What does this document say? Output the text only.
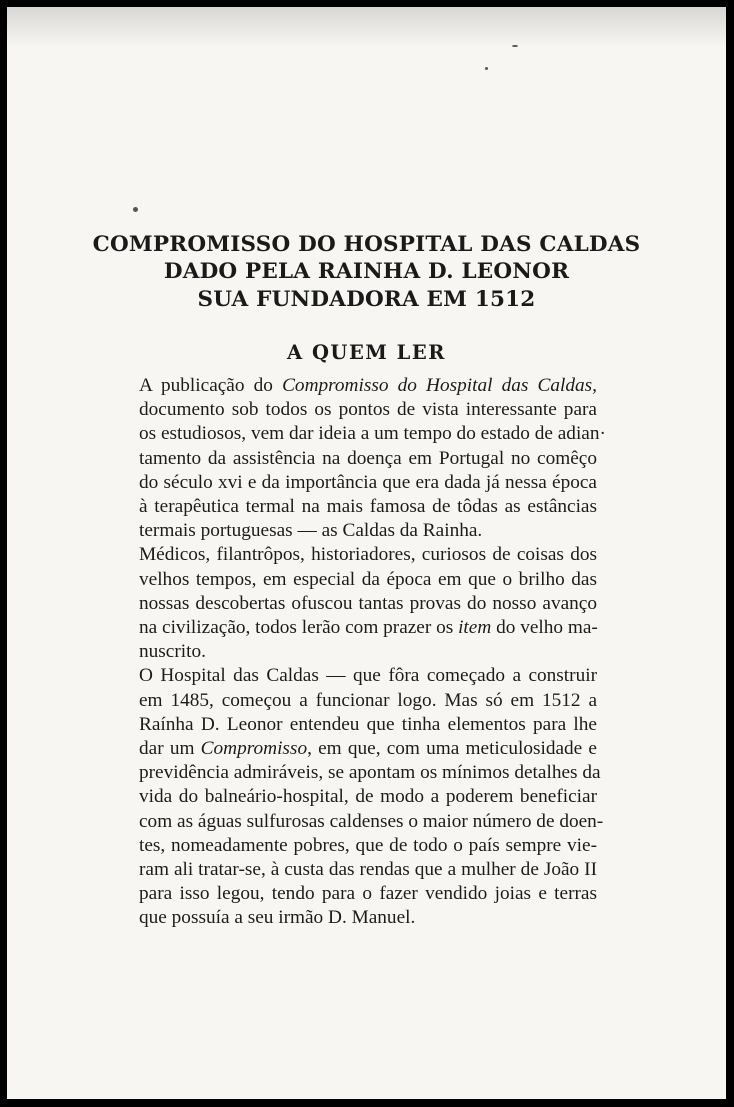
COMPROMISSO DO HOSPITAL DAS CALDAS
DADO PELA RAINHA D. LEONOR
SUA FUNDADORA EM 1512
A QUEM LER

A publicação do Compromisso do Hospital das Caldas,
documento sob todos os pontos de vista interessante para
os estudiosos, vem dar ideia a um tempo do estado de adian·
tamento da assistência na doença em Portugal no comêço
do século xvi e da importância que era dada já nessa época
à terapêutica termal na mais famosa de tôdas as estâncias
termais portuguesas — as Caldas da Rainha.

Médicos, filantrôpos, historiadores, curiosos de coisas dos
velhos tempos, em especial da época em que o brilho das
nossas descobertas ofuscou tantas provas do nosso avanço
na civilização, todos lerão com prazer os item do velho ma-
nuscrito.

O Hospital das Caldas — que fôra começado a construir
em 1485, começou a funcionar logo. Mas só em 1512 a
Raínha D. Leonor entendeu que tinha elementos para lhe
dar um Compromisso, em que, com uma meticulosidade e
previdência admiráveis, se apontam os mínimos detalhes da
vida do balneário-hospital, de modo a poderem beneficiar
com as águas sulfurosas caldenses o maior número de doen-
tes, nomeadamente pobres, que de todo o país sempre vie-
ram ali tratar-se, à custa das rendas que a mulher de João II
para isso legou, tendo para o fazer vendido joias e terras
que possuía a seu irmão D. Manuel.
